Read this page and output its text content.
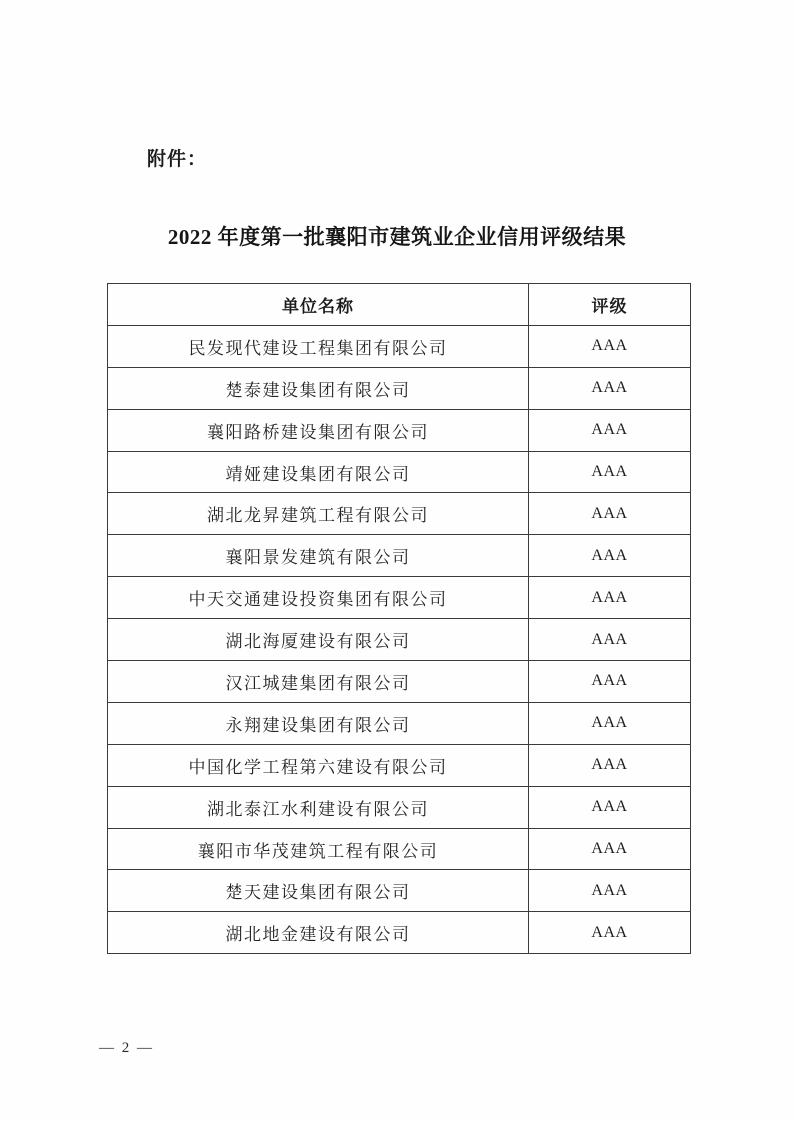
附件：
2022 年度第一批襄阳市建筑业企业信用评级结果
单位名称	评级
民发现代建设工程集团有限公司	AAA
楚泰建设集团有限公司	AAA
襄阳路桥建设集团有限公司	AAA
靖娅建设集团有限公司	AAA
湖北龙昇建筑工程有限公司	AAA
襄阳景发建筑有限公司	AAA
中天交通建设投资集团有限公司	AAA
湖北海厦建设有限公司	AAA
汉江城建集团有限公司	AAA
永翔建设集团有限公司	AAA
中国化学工程第六建设有限公司	AAA
湖北泰江水利建设有限公司	AAA
襄阳市华茂建筑工程有限公司	AAA
楚天建设集团有限公司	AAA
湖北地金建设有限公司	AAA
— 2 —
